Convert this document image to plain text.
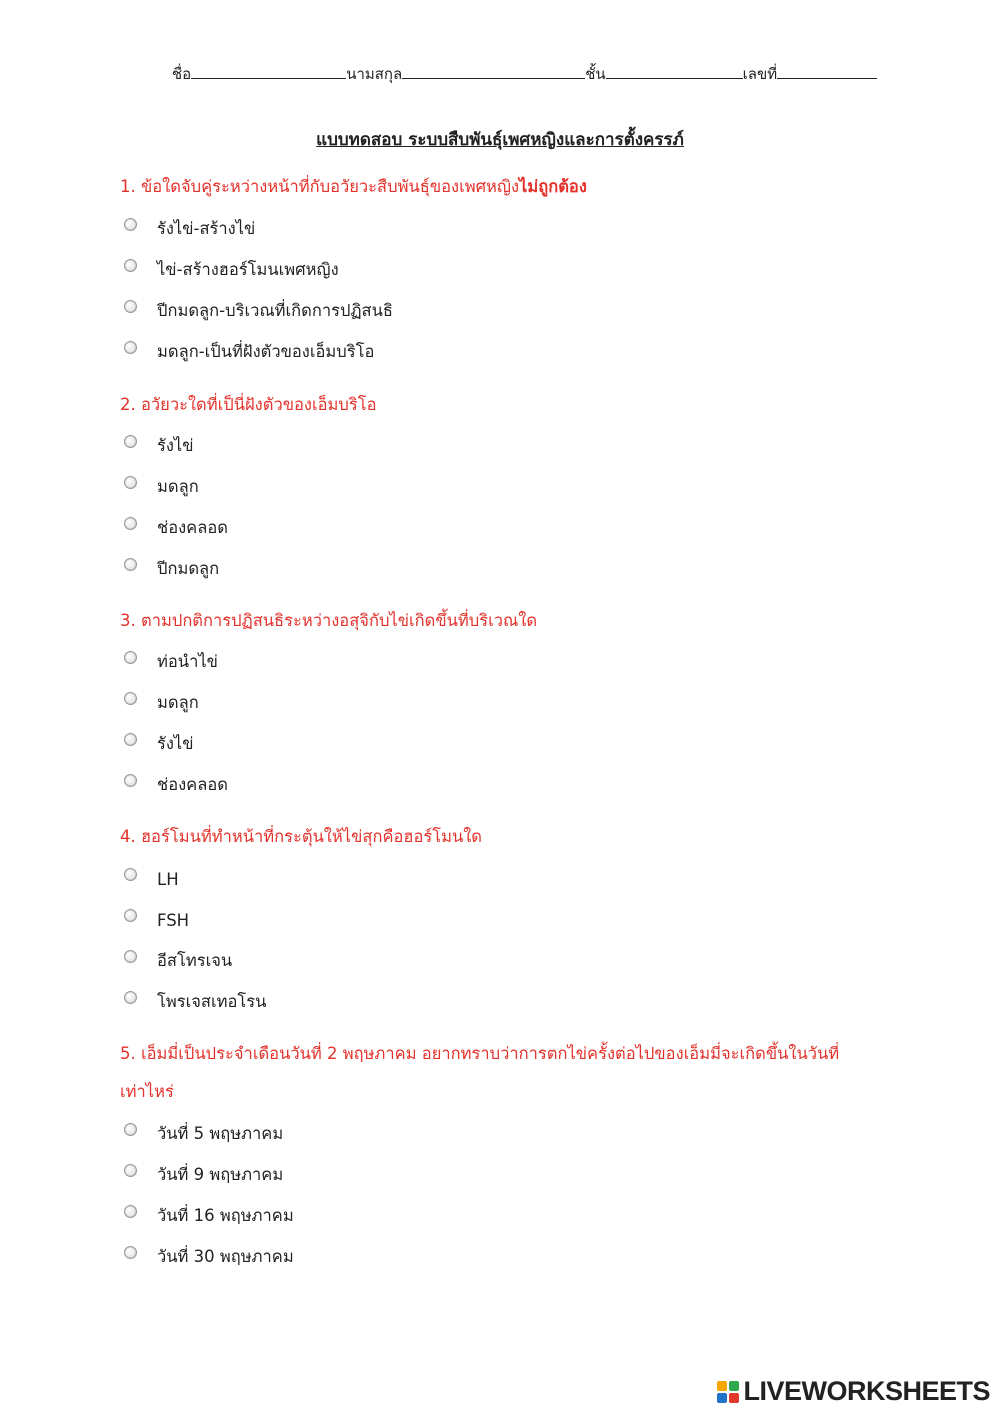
ชื่อ	นามสกุล	ชั้น	เลขที่
แบบทดสอบ ระบบสืบพันธุ์เพศหญิงและการตั้งครรภ์
1. ข้อใดจับคู่ระหว่างหน้าที่กับอวัยวะสืบพันธุ์ของเพศหญิงไม่ถูกต้อง
รังไข่-สร้างไข่
ไข่-สร้างฮอร์โมนเพศหญิง
ปีกมดลูก-บริเวณที่เกิดการปฏิสนธิ
มดลูก-เป็นที่ฝังตัวของเอ็มบริโอ
2. อวัยวะใดที่เป็นี่ฝังตัวของเอ็มบริโอ
รังไข่
มดลูก
ช่องคลอด
ปีกมดลูก
3. ตามปกติการปฏิสนธิระหว่างอสุจิกับไข่เกิดขึ้นที่บริเวณใด
ท่อนำไข่
มดลูก
รังไข่
ช่องคลอด
4. ฮอร์โมนที่ทำหน้าที่กระตุ้นให้ไข่สุกคือฮอร์โมนใด
LH
FSH
อีสโทรเจน
โพรเจสเทอโรน
5. เอ็มมี่เป็นประจำเดือนวันที่ 2 พฤษภาคม อยากทราบว่าการตกไข่ครั้งต่อไปของเอ็มมี่จะเกิดขึ้นในวันที่เท่าไหร่
วันที่ 5 พฤษภาคม
วันที่ 9 พฤษภาคม
วันที่ 16 พฤษภาคม
วันที่ 30 พฤษภาคม
LIVEWORKSHEETS
